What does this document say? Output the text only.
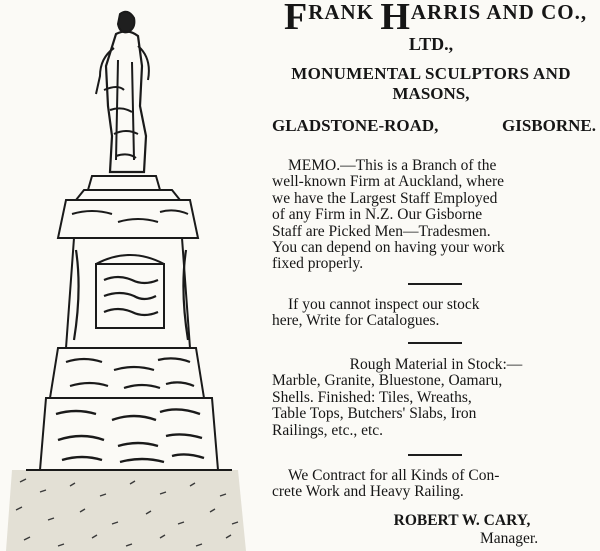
FRANK HARRIS AND CO.,
LTD.,
MONUMENTAL SCULPTORS AND
MASONS,
GLADSTONE-ROAD,	GISBORNE.
MEMO.—This is a Branch of the
well-known Firm at Auckland, where
we have the Largest Staff Employed
of any Firm in N.Z. Our Gisborne
Staff are Picked Men—Tradesmen.
You can depend on having your work
fixed properly.
If you cannot inspect our stock
here, Write for Catalogues.
Rough Material in Stock:—
Marble, Granite, Bluestone, Oamaru,
Shells. Finished: Tiles, Wreaths,
Table Tops, Butchers' Slabs, Iron
Railings, etc., etc.
We Contract for all Kinds of Con-
crete Work and Heavy Railing.
ROBERT W. CARY,
Manager.
